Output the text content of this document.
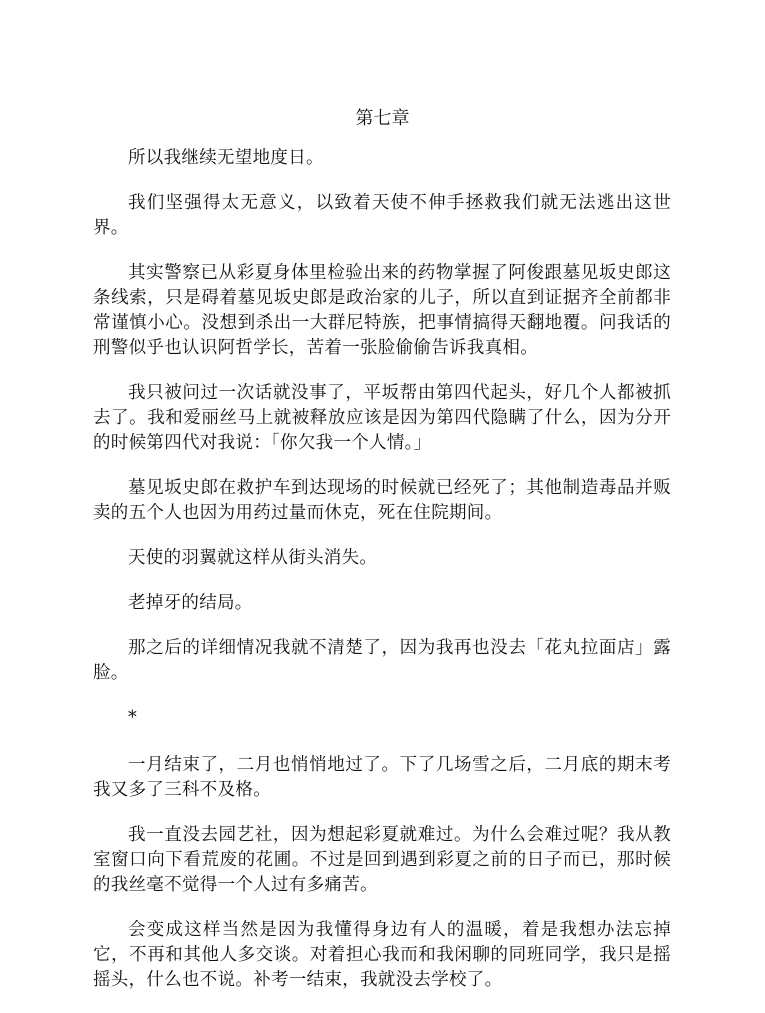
第七章

所以我继续无望地度日。

我们坚强得太无意义，以致着天使不伸手拯救我们就无法逃出这世界。

其实警察已从彩夏身体里检验出来的药物掌握了阿俊跟墓见坂史郎这条线索，只是碍着墓见坂史郎是政治家的儿子，所以直到证据齐全前都非常谨慎小心。没想到杀出一大群尼特族，把事情搞得天翻地覆。问我话的刑警似乎也认识阿哲学长，苦着一张脸偷偷告诉我真相。

我只被问过一次话就没事了，平坂帮由第四代起头，好几个人都被抓去了。我和爱丽丝马上就被释放应该是因为第四代隐瞒了什么，因为分开的时候第四代对我说：「你欠我一个人情。」

墓见坂史郎在救护车到达现场的时候就已经死了；其他制造毒品并贩卖的五个人也因为用药过量而休克，死在住院期间。

天使的羽翼就这样从街头消失。

老掉牙的结局。

那之后的详细情况我就不清楚了，因为我再也没去「花丸拉面店」露脸。

*

一月结束了，二月也悄悄地过了。下了几场雪之后，二月底的期末考我又多了三科不及格。

我一直没去园艺社，因为想起彩夏就难过。为什么会难过呢？我从教室窗口向下看荒废的花圃。不过是回到遇到彩夏之前的日子而已，那时候的我丝毫不觉得一个人过有多痛苦。

会变成这样当然是因为我懂得身边有人的温暖，着是我想办法忘掉它，不再和其他人多交谈。对着担心我而和我闲聊的同班同学，我只是摇摇头，什么也不说。补考一结束，我就没去学校了。
